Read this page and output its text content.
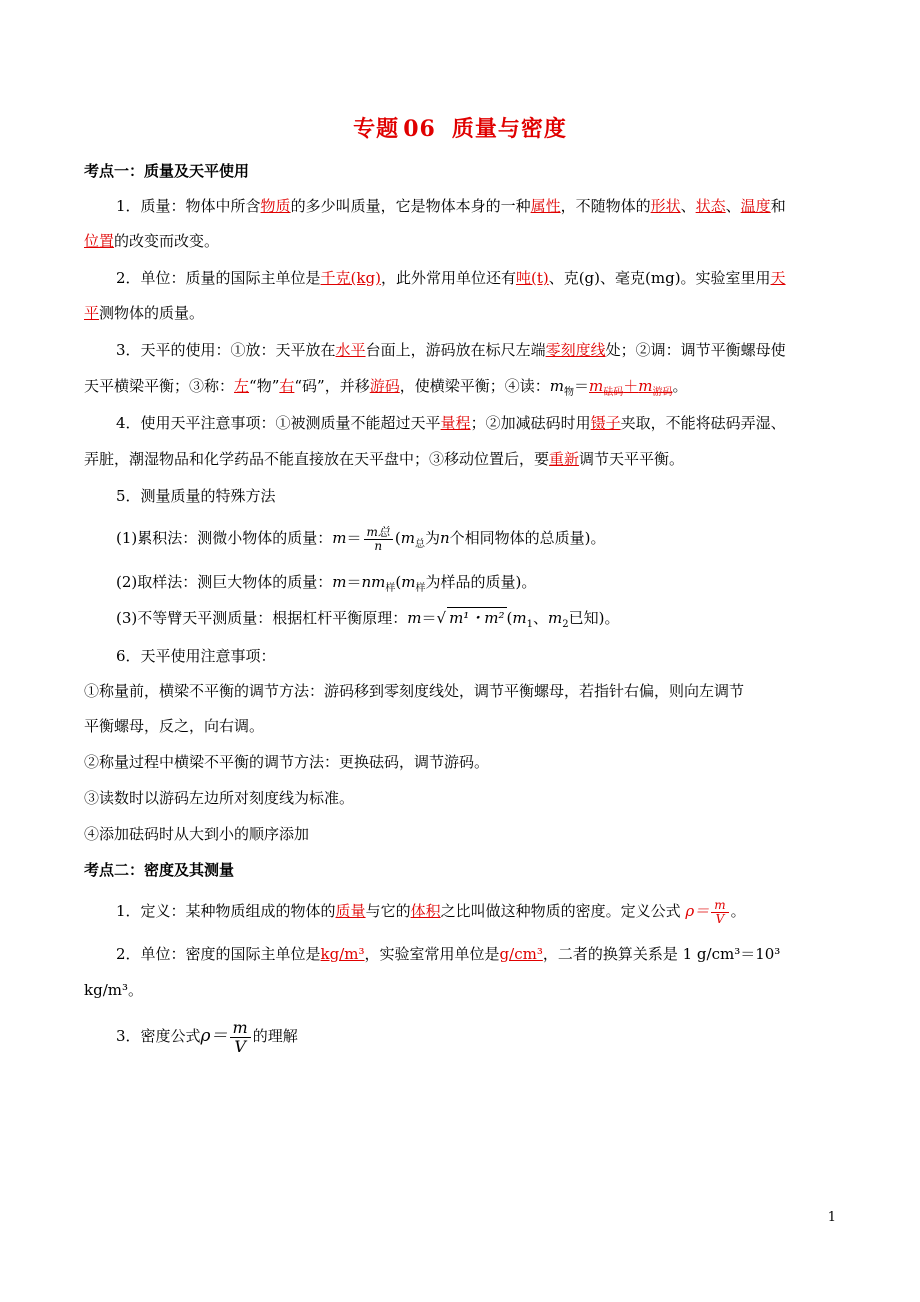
专题 06 质量与密度
考点一：质量及天平使用
1．质量：物体中所含物质的多少叫质量，它是物体本身的一种属性，不随物体的形状、状态、温度和
位置的改变而改变。
2．单位：质量的国际主单位是千克(kg)，此外常用单位还有吨(t)、克(g)、毫克(mg)。实验室里用天
平测物体的质量。
3．天平的使用：①放：天平放在水平台面上，游码放在标尺左端零刻度线处；②调：调节平衡螺母使
天平横梁平衡；③称：左“物”右“码”，并移游码，使横梁平衡；④读：$m_物=m_{砝码}+m_{游码}$。
4．使用天平注意事项：①被测质量不能超过天平量程；②加减砝码时用镊子夹取，不能将砝码弄湿、
弄脏，潮湿物品和化学药品不能直接放在天平盘中；③移动位置后，要重新调节天平平衡。
5．测量质量的特殊方法
(1)累积法：测微小物体的质量：$m= \frac{\text{m总}}{n} (m_总$为n个相同物体的总质量)。
(2)取样法：测巨大物体的质量：$m=nm_样(m_样$为样品的质量)。
(3)不等臂天平测质量：根据杠杆平衡原理：m＝√ m¹・m² ($m_1$、$m_2$已知)。
6．天平使用注意事项：
①称量前，横梁不平衡的调节方法：游码移到零刻度线处，调节平衡螺母，若指针右偏，则向左调节
平衡螺母，反之，向右调。
②称量过程中横梁不平衡的调节方法：更换砝码，调节游码。
③读数时以游码左边所对刻度线为标准。
④添加砝码时从大到小的顺序添加
考点二：密度及其测量
1．定义：某种物质组成的物体的质量与它的体积之比叫做这种物质的密度。定义公式 $\rho= \frac{m}{V}$ 。
2．单位：密度的国际主单位是kg/m³，实验室常用单位是g/cm³，二者的换算关系是 1 g/cm³＝10³
kg/m³。
3．密度公式$\rho= \frac{m}{V}$ 的理解
1
